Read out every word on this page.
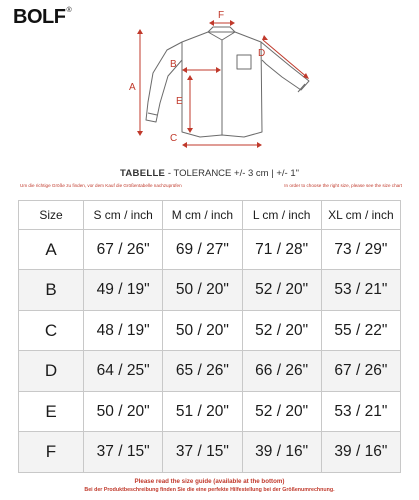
BOLF®
A
B
C
D
E
F
TABELLE - TOLERANCE +/- 3 cm | +/- 1"
Um die richtige Größe zu finden, vor dem Kauf die Größentabelle nachzuprüfen	In order to choose the right size, please see the size chart
Size	S cm / inch	M cm / inch	L cm / inch	XL cm / inch
A	67 / 26"	69 / 27"	71 / 28"	73 / 29"
B	49 / 19"	50 / 20"	52 / 20"	53 / 21"
C	48 / 19"	50 / 20"	52 / 20"	55 / 22"
D	64 / 25"	65 / 26"	66 / 26"	67 / 26"
E	50 / 20"	51 / 20"	52 / 20"	53 / 21"
F	37 / 15"	37 / 15"	39 / 16"	39 / 16"
Please read the size guide (available at the bottom)
Bei der Produktbeschreibung finden Sie die eine perfekte Hilfestellung bei der Größenumrechnung.
